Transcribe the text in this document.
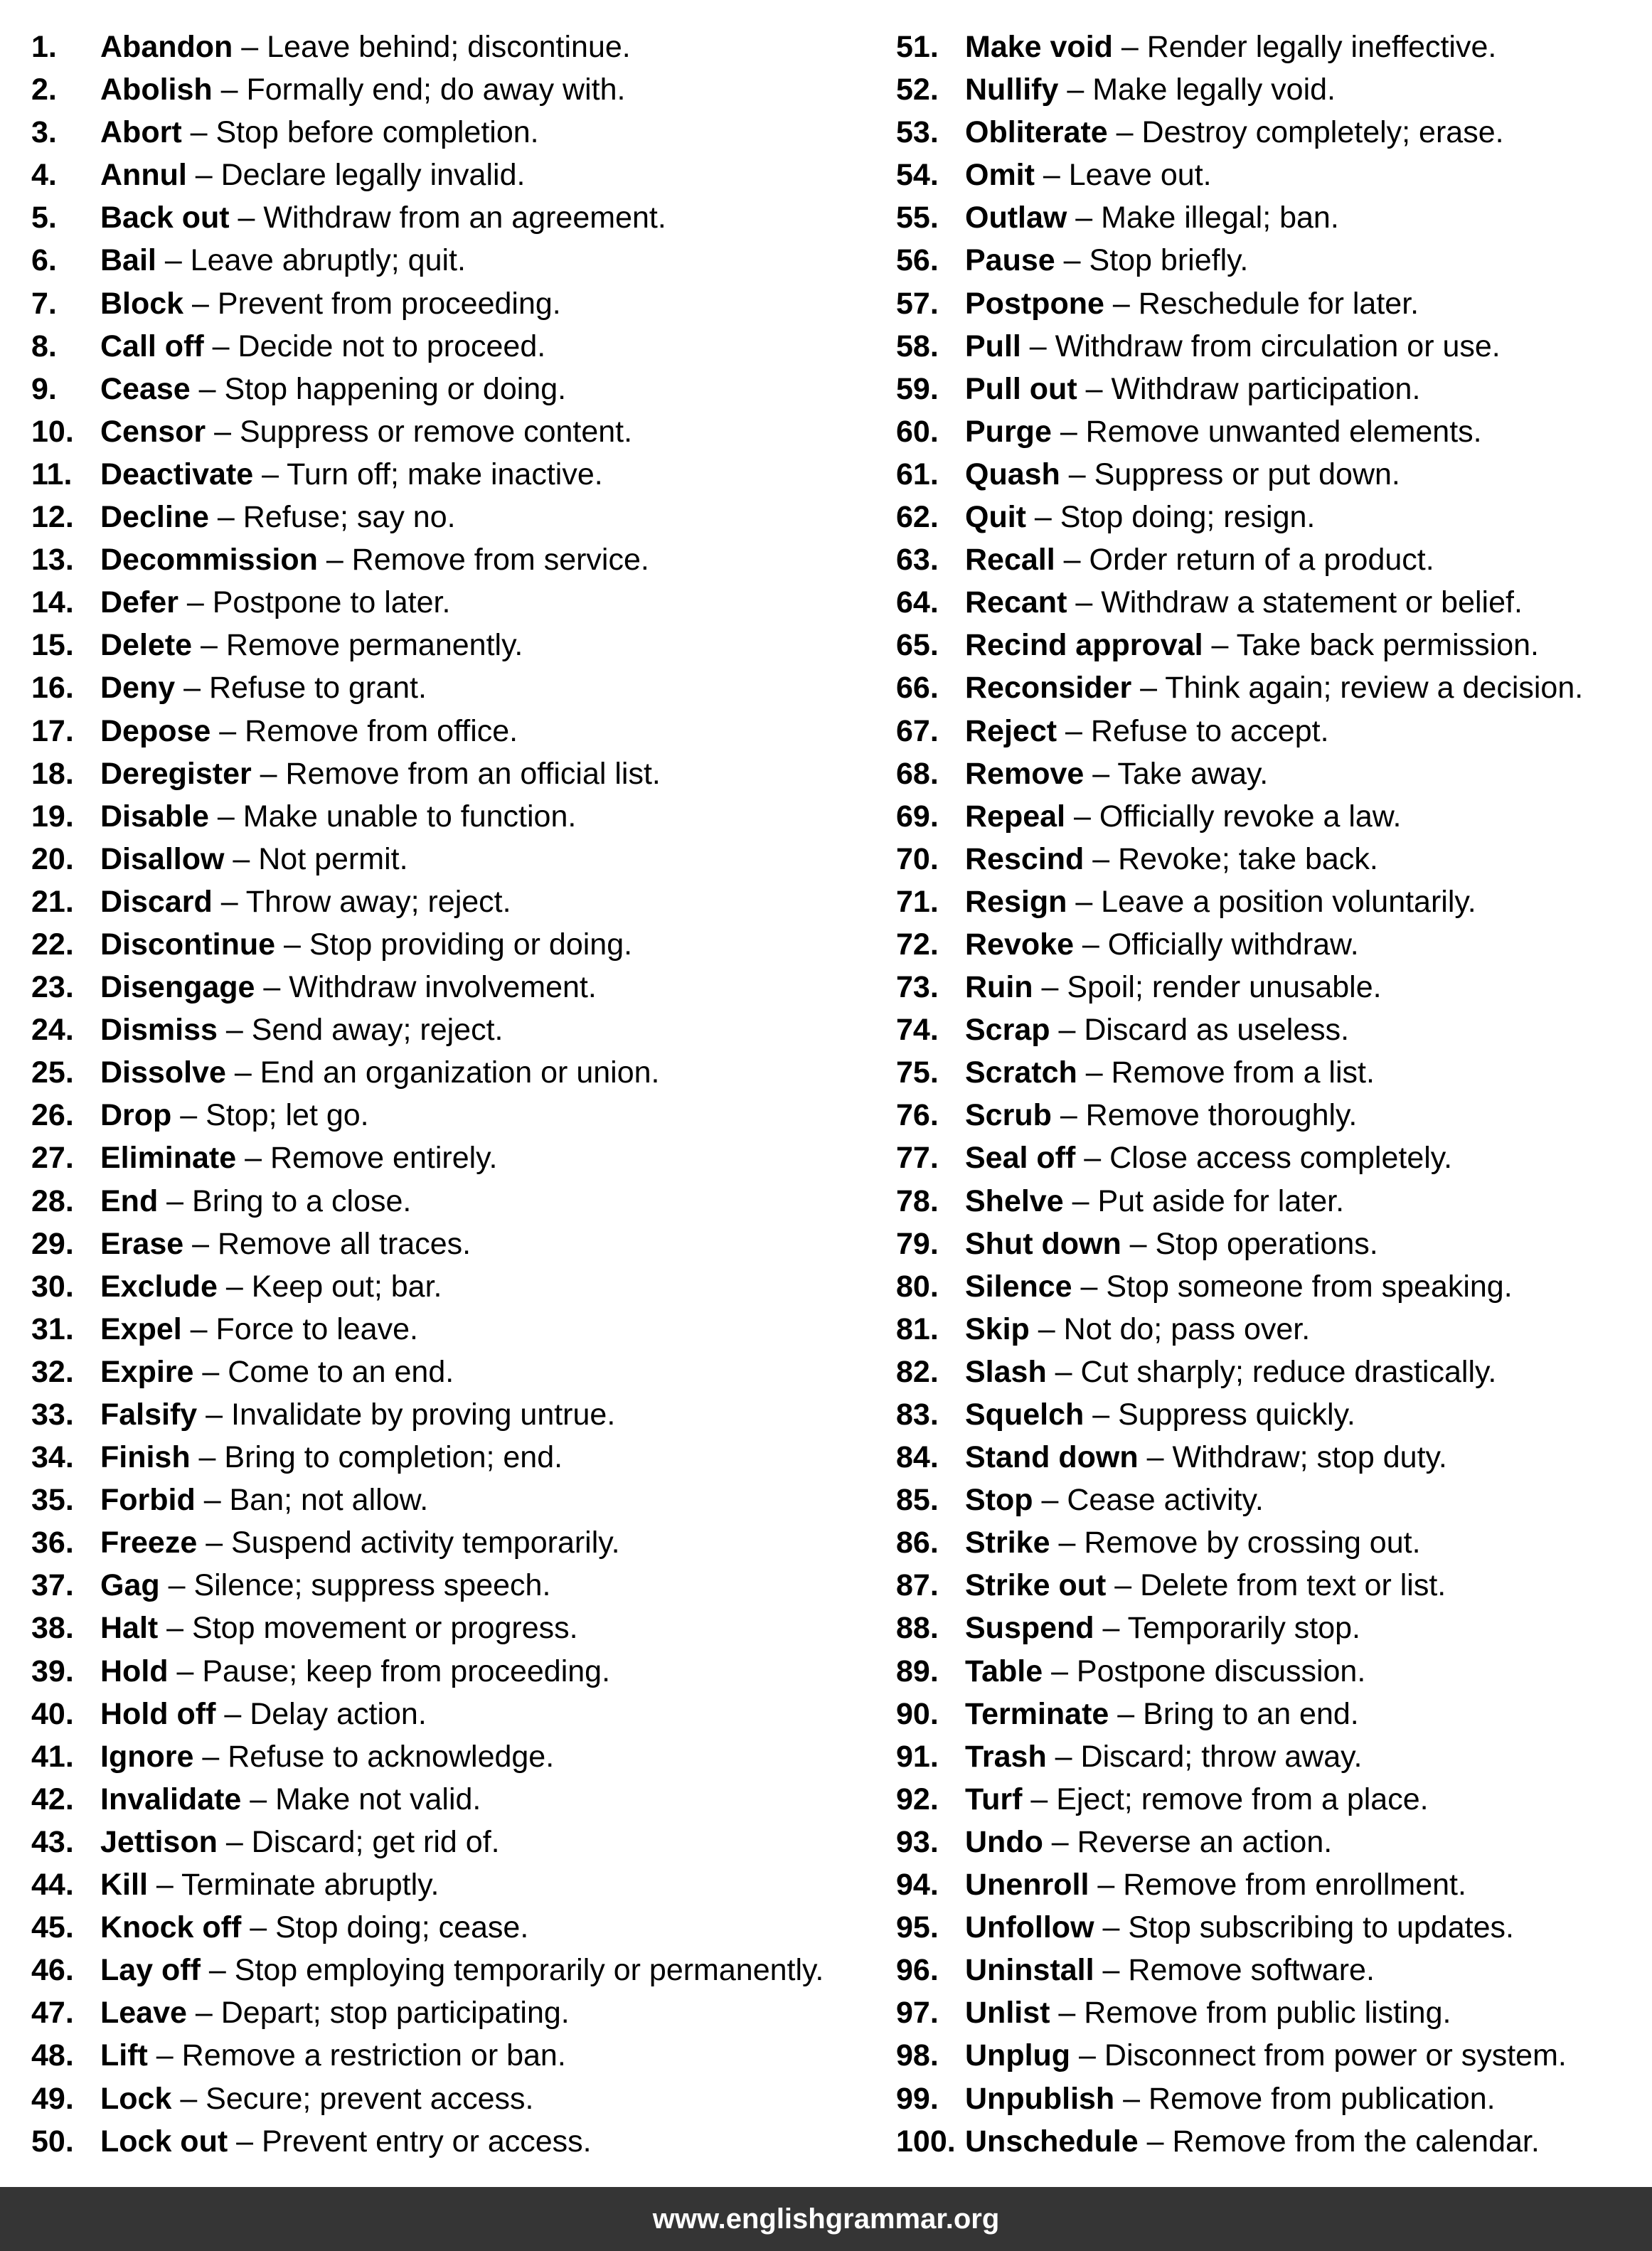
1. Abandon – Leave behind; discontinue.
2. Abolish – Formally end; do away with.
3. Abort – Stop before completion.
4. Annul – Declare legally invalid.
5. Back out – Withdraw from an agreement.
6. Bail – Leave abruptly; quit.
7. Block – Prevent from proceeding.
8. Call off – Decide not to proceed.
9. Cease – Stop happening or doing.
10. Censor – Suppress or remove content.
11. Deactivate – Turn off; make inactive.
12. Decline – Refuse; say no.
13. Decommission – Remove from service.
14. Defer – Postpone to later.
15. Delete – Remove permanently.
16. Deny – Refuse to grant.
17. Depose – Remove from office.
18. Deregister – Remove from an official list.
19. Disable – Make unable to function.
20. Disallow – Not permit.
21. Discard – Throw away; reject.
22. Discontinue – Stop providing or doing.
23. Disengage – Withdraw involvement.
24. Dismiss – Send away; reject.
25. Dissolve – End an organization or union.
26. Drop – Stop; let go.
27. Eliminate – Remove entirely.
28. End – Bring to a close.
29. Erase – Remove all traces.
30. Exclude – Keep out; bar.
31. Expel – Force to leave.
32. Expire – Come to an end.
33. Falsify – Invalidate by proving untrue.
34. Finish – Bring to completion; end.
35. Forbid – Ban; not allow.
36. Freeze – Suspend activity temporarily.
37. Gag – Silence; suppress speech.
38. Halt – Stop movement or progress.
39. Hold – Pause; keep from proceeding.
40. Hold off – Delay action.
41. Ignore – Refuse to acknowledge.
42. Invalidate – Make not valid.
43. Jettison – Discard; get rid of.
44. Kill – Terminate abruptly.
45. Knock off – Stop doing; cease.
46. Lay off – Stop employing temporarily or permanently.
47. Leave – Depart; stop participating.
48. Lift – Remove a restriction or ban.
49. Lock – Secure; prevent access.
50. Lock out – Prevent entry or access.
51. Make void – Render legally ineffective.
52. Nullify – Make legally void.
53. Obliterate – Destroy completely; erase.
54. Omit – Leave out.
55. Outlaw – Make illegal; ban.
56. Pause – Stop briefly.
57. Postpone – Reschedule for later.
58. Pull – Withdraw from circulation or use.
59. Pull out – Withdraw participation.
60. Purge – Remove unwanted elements.
61. Quash – Suppress or put down.
62. Quit – Stop doing; resign.
63. Recall – Order return of a product.
64. Recant – Withdraw a statement or belief.
65. Recind approval – Take back permission.
66. Reconsider – Think again; review a decision.
67. Reject – Refuse to accept.
68. Remove – Take away.
69. Repeal – Officially revoke a law.
70. Rescind – Revoke; take back.
71. Resign – Leave a position voluntarily.
72. Revoke – Officially withdraw.
73. Ruin – Spoil; render unusable.
74. Scrap – Discard as useless.
75. Scratch – Remove from a list.
76. Scrub – Remove thoroughly.
77. Seal off – Close access completely.
78. Shelve – Put aside for later.
79. Shut down – Stop operations.
80. Silence – Stop someone from speaking.
81. Skip – Not do; pass over.
82. Slash – Cut sharply; reduce drastically.
83. Squelch – Suppress quickly.
84. Stand down – Withdraw; stop duty.
85. Stop – Cease activity.
86. Strike – Remove by crossing out.
87. Strike out – Delete from text or list.
88. Suspend – Temporarily stop.
89. Table – Postpone discussion.
90. Terminate – Bring to an end.
91. Trash – Discard; throw away.
92. Turf – Eject; remove from a place.
93. Undo – Reverse an action.
94. Unenroll – Remove from enrollment.
95. Unfollow – Stop subscribing to updates.
96. Uninstall – Remove software.
97. Unlist – Remove from public listing.
98. Unplug – Disconnect from power or system.
99. Unpublish – Remove from publication.
100. Unschedule – Remove from the calendar.
www.englishgrammar.org
